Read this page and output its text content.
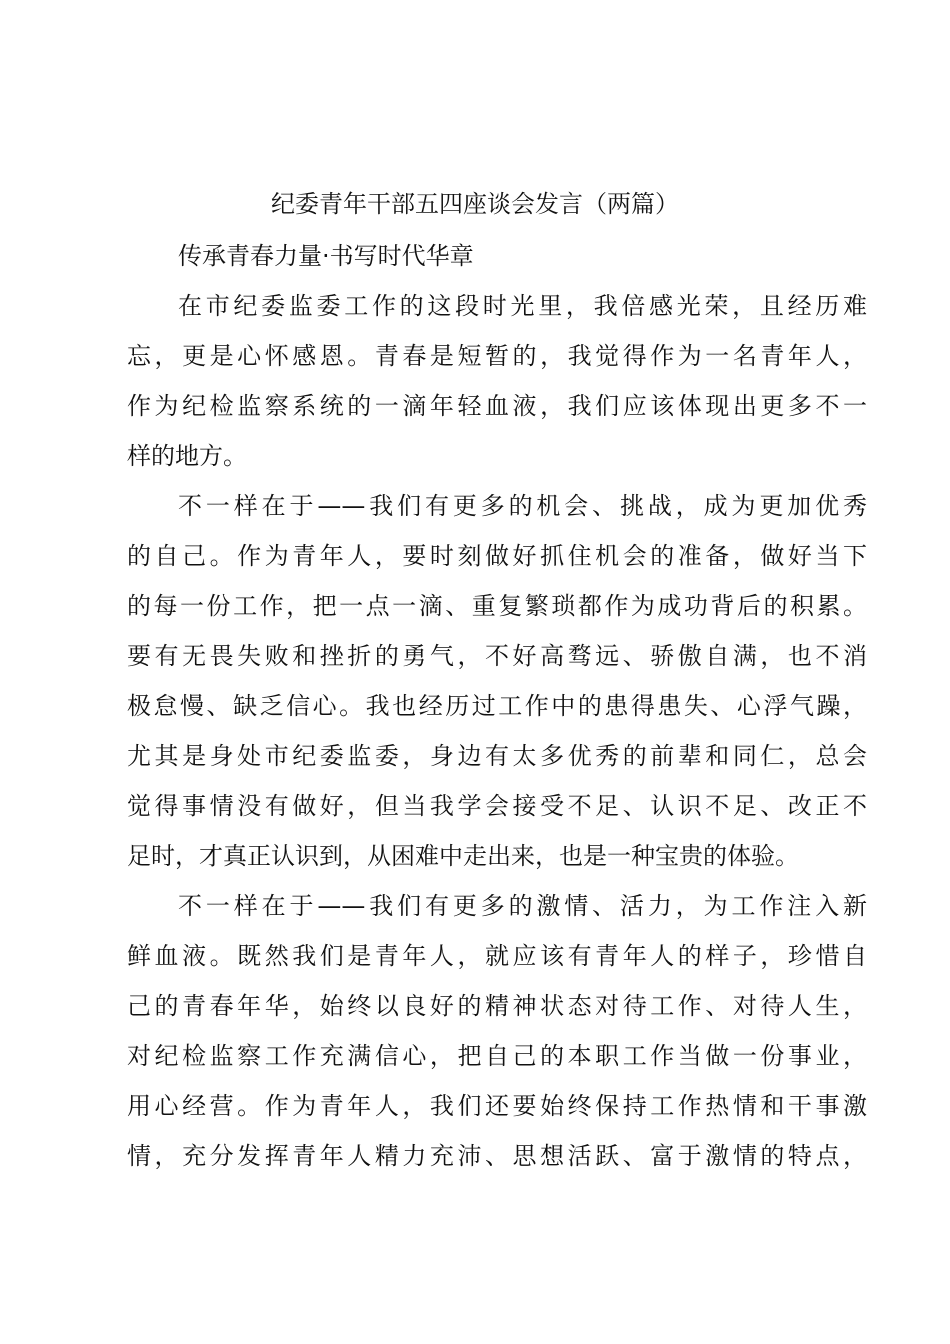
纪委青年干部五四座谈会发言（两篇）
传承青春力量·书写时代华章
在市纪委监委工作的这段时光里，我倍感光荣，且经历难
忘，更是心怀感恩。青春是短暂的，我觉得作为一名青年人，
作为纪检监察系统的一滴年轻血液，我们应该体现出更多不一
样的地方。
不一样在于——我们有更多的机会、挑战，成为更加优秀
的自己。作为青年人，要时刻做好抓住机会的准备，做好当下
的每一份工作，把一点一滴、重复繁琐都作为成功背后的积累。
要有无畏失败和挫折的勇气，不好高骛远、骄傲自满，也不消
极怠慢、缺乏信心。我也经历过工作中的患得患失、心浮气躁，
尤其是身处市纪委监委，身边有太多优秀的前辈和同仁，总会
觉得事情没有做好，但当我学会接受不足、认识不足、改正不
足时，才真正认识到，从困难中走出来，也是一种宝贵的体验。
不一样在于——我们有更多的激情、活力，为工作注入新
鲜血液。既然我们是青年人，就应该有青年人的样子，珍惜自
己的青春年华，始终以良好的精神状态对待工作、对待人生，
对纪检监察工作充满信心，把自己的本职工作当做一份事业，
用心经营。作为青年人，我们还要始终保持工作热情和干事激
情，充分发挥青年人精力充沛、思想活跃、富于激情的特点，
